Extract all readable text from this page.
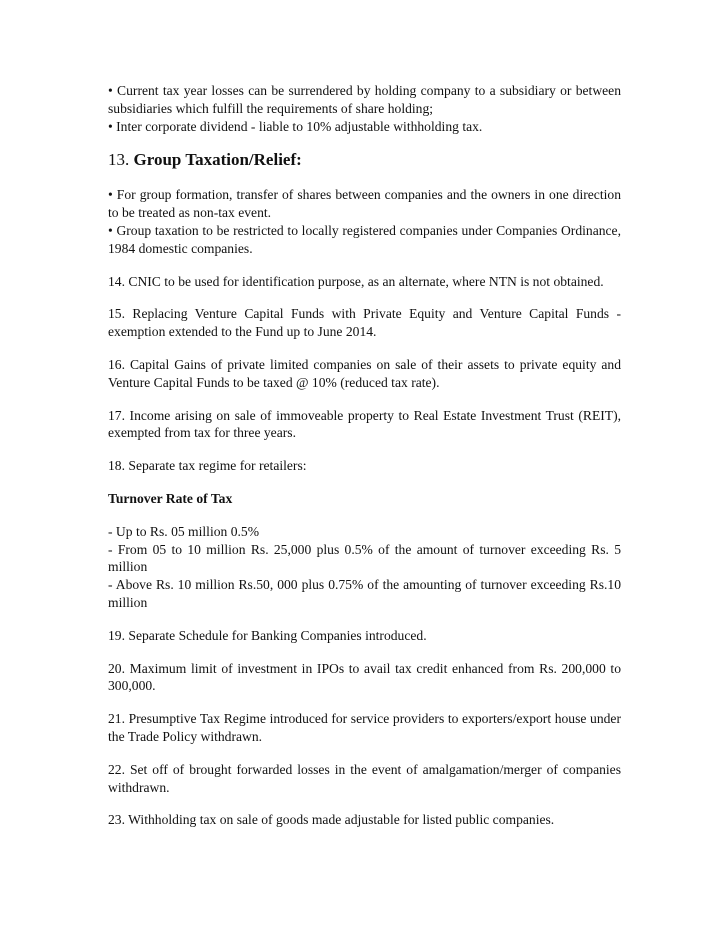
• Current tax year losses can be surrendered by holding company to a subsidiary or between subsidiaries which fulfill the requirements of share holding;

• Inter corporate dividend - liable to 10% adjustable withholding tax.

13. Group Taxation/Relief:

• For group formation, transfer of shares between companies and the owners in one direction to be treated as non-tax event.

• Group taxation to be restricted to locally registered companies under Companies Ordinance, 1984 domestic companies.

14. CNIC to be used for identification purpose, as an alternate, where NTN is not obtained.

15. Replacing Venture Capital Funds with Private Equity and Venture Capital Funds - exemption extended to the Fund up to June 2014.

16. Capital Gains of private limited companies on sale of their assets to private equity and Venture Capital Funds to be taxed @ 10% (reduced tax rate).

17. Income arising on sale of immoveable property to Real Estate Investment Trust (REIT), exempted from tax for three years.

18. Separate tax regime for retailers:

Turnover Rate of Tax

- Up to Rs. 05 million 0.5%

- From 05 to 10 million Rs. 25,000 plus 0.5% of the amount of turnover exceeding Rs. 5 million

- Above Rs. 10 million Rs.50, 000 plus 0.75% of the amounting of turnover exceeding Rs.10 million

19. Separate Schedule for Banking Companies introduced.

20. Maximum limit of investment in IPOs to avail tax credit enhanced from Rs. 200,000 to 300,000.

21. Presumptive Tax Regime introduced for service providers to exporters/export house under the Trade Policy withdrawn.

22. Set off of brought forwarded losses in the event of amalgamation/merger of companies withdrawn.

23. Withholding tax on sale of goods made adjustable for listed public companies.
